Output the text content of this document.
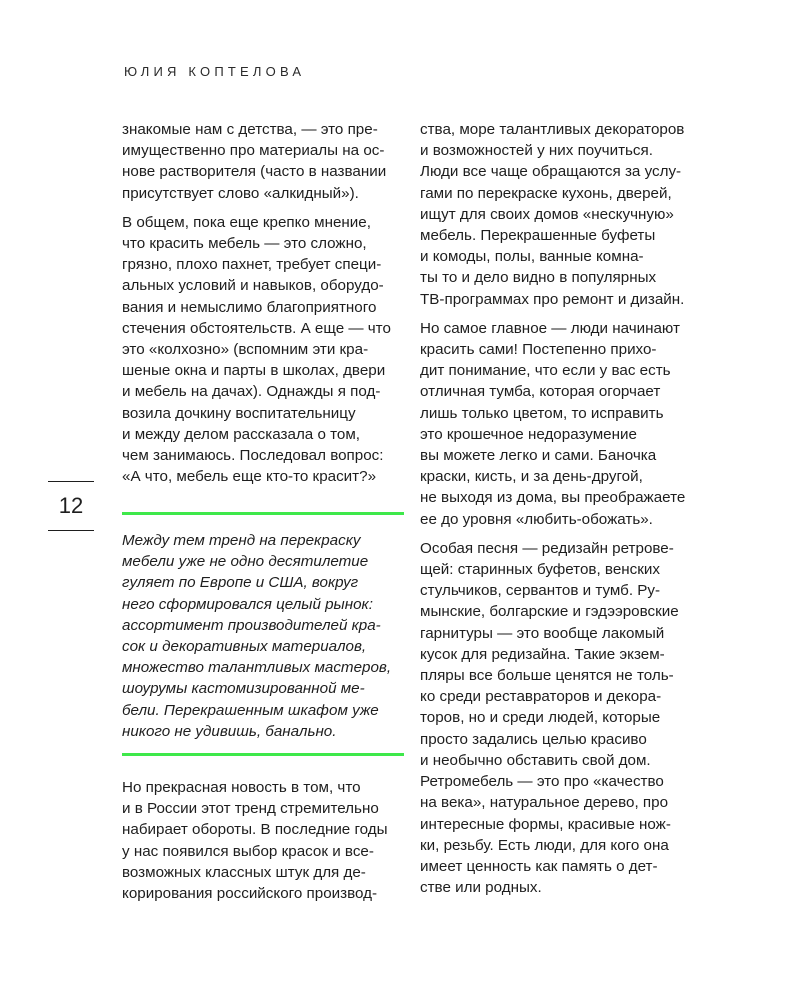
ЮЛИЯ КОПТЕЛОВА
12
знакомые нам с детства, — это пре-
имущественно про материалы на ос-
нове растворителя (часто в названии
присутствует слово «алкидный»).
В общем, пока еще крепко мнение,
что красить мебель — это сложно,
грязно, плохо пахнет, требует специ-
альных условий и навыков, оборудо-
вания и немыслимо благоприятного
стечения обстоятельств. А еще — что
это «колхозно» (вспомним эти кра-
шеные окна и парты в школах, двери
и мебель на дачах). Однажды я под-
возила дочкину воспитательницу
и между делом рассказала о том,
чем занимаюсь. Последовал вопрос:
«А что, мебель еще кто-то красит?»
Между тем тренд на перекраску
мебели уже не одно десятилетие
гуляет по Европе и США, вокруг
него сформировался целый рынок:
ассортимент производителей кра-
сок и декоративных материалов,
множество талантливых мастеров,
шоурумы кастомизированной ме-
бели. Перекрашенным шкафом уже
никого не удивишь, банально.
Но прекрасная новость в том, что
и в России этот тренд стремительно
набирает обороты. В последние годы
у нас появился выбор красок и все-
возможных классных штук для де-
корирования российского производ-
ства, море талантливых декораторов
и возможностей у них поучиться.
Люди все чаще обращаются за услу-
гами по перекраске кухонь, дверей,
ищут для своих домов «нескучную»
мебель. Перекрашенные буфеты
и комоды, полы, ванные комна-
ты то и дело видно в популярных
ТВ-программах про ремонт и дизайн.
Но самое главное — люди начинают
красить сами! Постепенно прихо-
дит понимание, что если у вас есть
отличная тумба, которая огорчает
лишь только цветом, то исправить
это крошечное недоразумение
вы можете легко и сами. Баночка
краски, кисть, и за день-другой,
не выходя из дома, вы преображаете
ее до уровня «любить-обожать».
Особая песня — редизайн ретрове-
щей: старинных буфетов, венских
стульчиков, сервантов и тумб. Ру-
мынские, болгарские и гэдээровские
гарнитуры — это вообще лакомый
кусок для редизайна. Такие экзем-
пляры все больше ценятся не толь-
ко среди реставраторов и декора-
торов, но и среди людей, которые
просто задались целью красиво
и необычно обставить свой дом.
Ретромебель — это про «качество
на века», натуральное дерево, про
интересные формы, красивые нож-
ки, резьбу. Есть люди, для кого она
имеет ценность как память о дет-
стве или родных.
